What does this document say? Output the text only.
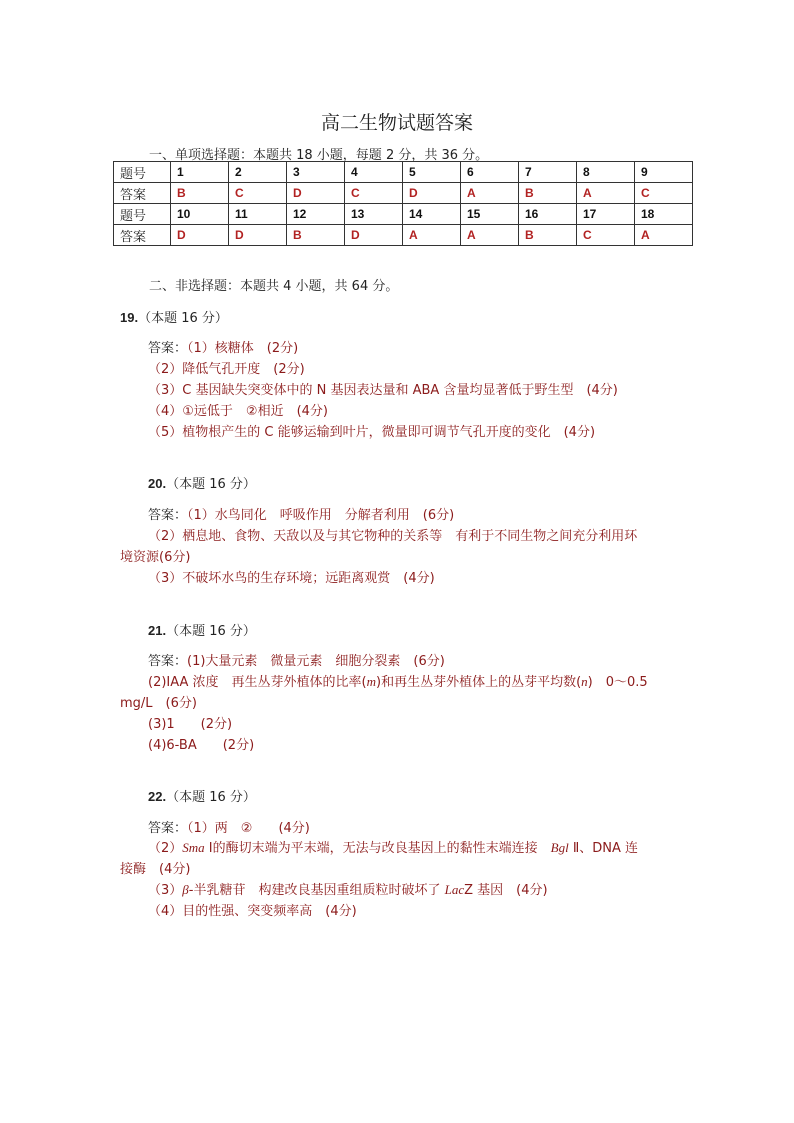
高二生物试题答案
一、单项选择题：本题共 18 小题，每题 2 分，共 36 分。
题号	1	2	3	4	5	6	7	8	9
答案	B	C	D	C	D	A	B	A	C
题号	10	11	12	13	14	15	16	17	18
答案	D	D	B	D	A	A	B	C	A
二、非选择题：本题共 4 小题，共 64 分。
19.（本题 16 分）
答案：（1）核糖体　(2分)
（2）降低气孔开度　(2分)
（3）C 基因缺失突变体中的 N 基因表达量和 ABA 含量均显著低于野生型　(4分)
（4）①远低于　②相近　(4分)
（5）植物根产生的 C 能够运输到叶片，微量即可调节气孔开度的变化　(4分)
20.（本题 16 分）
答案：（1）水鸟同化　呼吸作用　分解者利用　(6分)
（2）栖息地、食物、天敌以及与其它物种的关系等　有利于不同生物之间充分利用环
境资源(6分)
（3）不破坏水鸟的生存环境；远距离观赏　(4分)
21.（本题 16 分）
答案：(1)大量元素　微量元素　细胞分裂素　(6分)
(2)IAA 浓度　再生丛芽外植体的比率(m)和再生丛芽外植体上的丛芽平均数(n)　0～0.5
mg/L　(6分)
(3)1　　(2分)
(4)6-BA　　(2分)
22.（本题 16 分）
答案：（1）两　②　　(4分)
（2）Sma Ⅰ的酶切末端为平末端，无法与改良基因上的黏性末端连接　Bgl Ⅱ、DNA 连
接酶　(4分)
（3）β-半乳糖苷　构建改良基因重组质粒时破坏了 LacZ 基因　(4分)
（4）目的性强、突变频率高　(4分)
